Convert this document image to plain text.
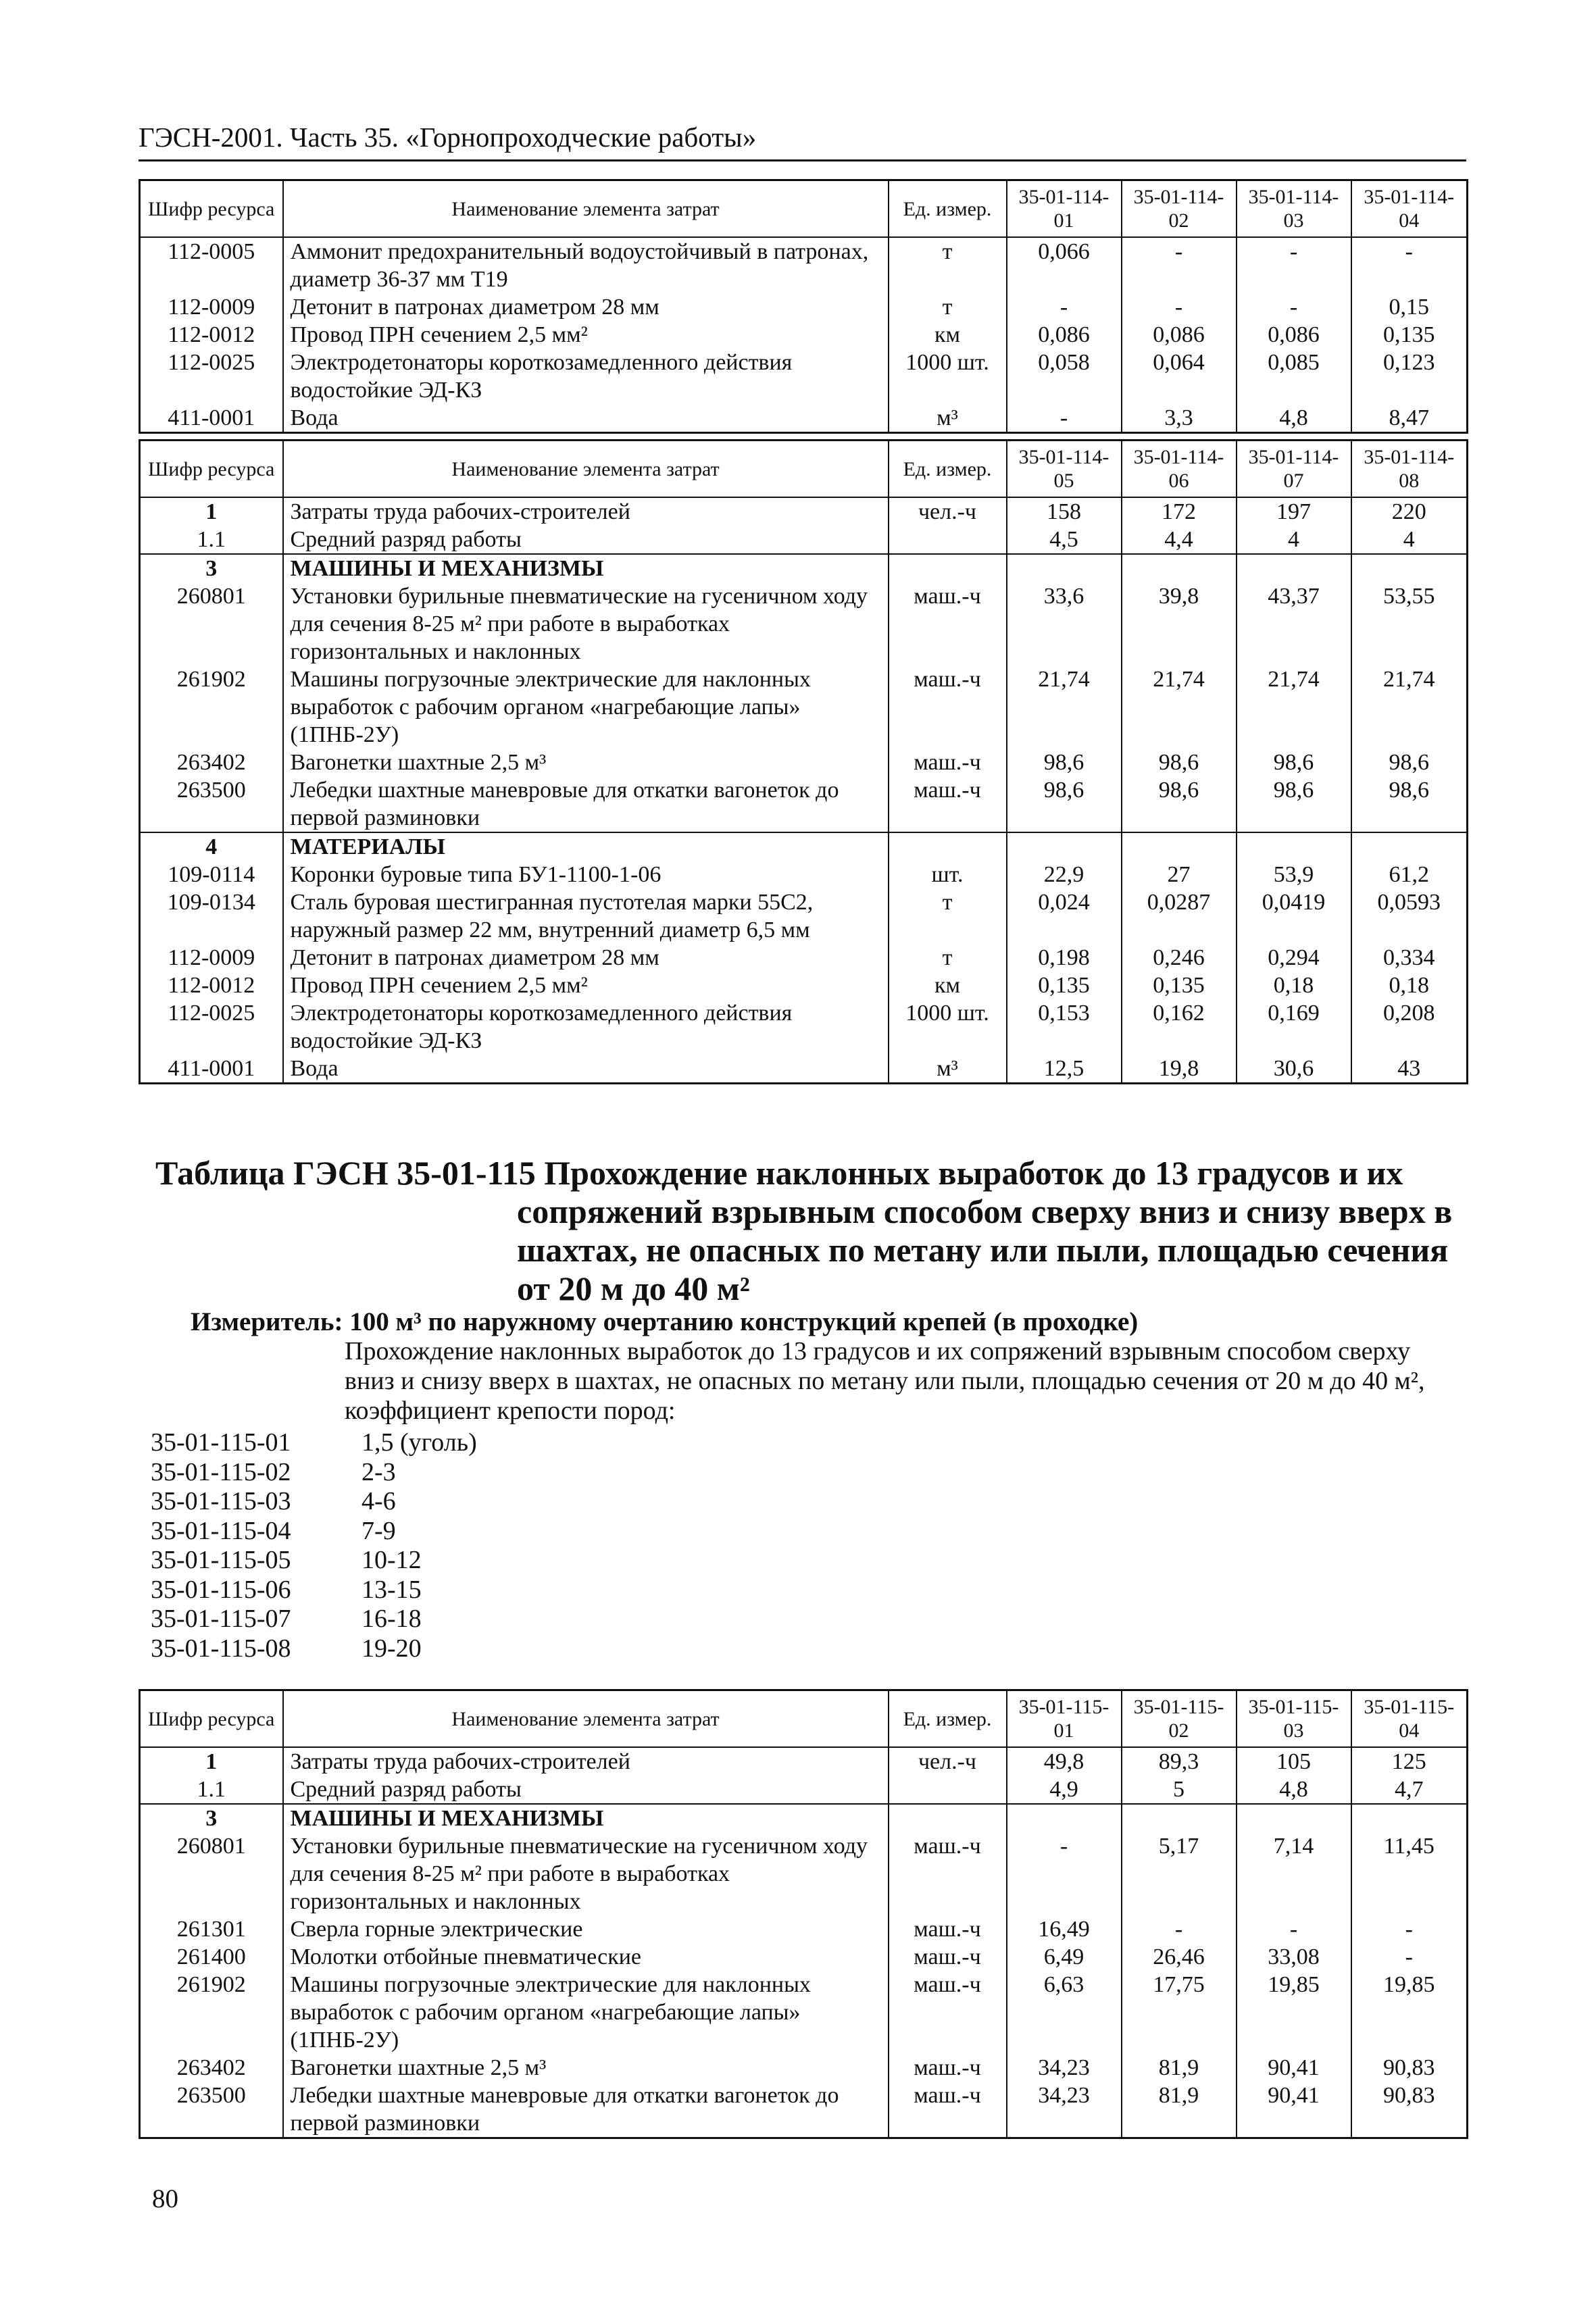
ГЭСН-2001. Часть 35. «Горнопроходческие работы»
Шифр ресурса	Наименование элемента затрат	Ед. измер.	35-01-114-01	35-01-114-02	35-01-114-03	35-01-114-04
112-0005	Аммонит предохранительный водоустойчивый в патронах, диаметр 36-37 мм Т19	т	0,066	-	-	-
112-0009	Детонит в патронах диаметром 28 мм	т	-	-	-	0,15
112-0012	Провод ПРН сечением 2,5 мм²	км	0,086	0,086	0,086	0,135
112-0025	Электродетонаторы короткозамедленного действия водостойкие ЭД-КЗ	1000 шт.	0,058	0,064	0,085	0,123
411-0001	Вода	м³	-	3,3	4,8	8,47
Шифр ресурса	Наименование элемента затрат	Ед. измер.	35-01-114-05	35-01-114-06	35-01-114-07	35-01-114-08
1	Затраты труда рабочих-строителей	чел.-ч	158	172	197	220
1.1	Средний разряд работы		4,5	4,4	4	4
3	МАШИНЫ И МЕХАНИЗМЫ					
260801	Установки бурильные пневматические на гусеничном ходу для сечения 8-25 м² при работе в выработках горизонтальных и наклонных	маш.-ч	33,6	39,8	43,37	53,55
261902	Машины погрузочные электрические для наклонных выработок с рабочим органом «нагребающие лапы» (1ПНБ-2У)	маш.-ч	21,74	21,74	21,74	21,74
263402	Вагонетки шахтные 2,5 м³	маш.-ч	98,6	98,6	98,6	98,6
263500	Лебедки шахтные маневровые для откатки вагонеток до первой разминовки	маш.-ч	98,6	98,6	98,6	98,6
4	МАТЕРИАЛЫ					
109-0114	Коронки буровые типа БУ1-1100-1-06	шт.	22,9	27	53,9	61,2
109-0134	Сталь буровая шестигранная пустотелая марки 55С2, наружный размер 22 мм, внутренний диаметр 6,5 мм	т	0,024	0,0287	0,0419	0,0593
112-0009	Детонит в патронах диаметром 28 мм	т	0,198	0,246	0,294	0,334
112-0012	Провод ПРН сечением 2,5 мм²	км	0,135	0,135	0,18	0,18
112-0025	Электродетонаторы короткозамедленного действия водостойкие ЭД-КЗ	1000 шт.	0,153	0,162	0,169	0,208
411-0001	Вода	м³	12,5	19,8	30,6	43
Таблица ГЭСН 35-01-115 Прохождение наклонных выработок до 13 градусов и их
сопряжений взрывным способом сверху вниз и снизу вверх в
шахтах, не опасных по метану или пыли, площадью сечения
от 20 м до 40 м²
Измеритель: 100 м³ по наружному очертанию конструкций крепей (в проходке)
Прохождение наклонных выработок до 13 градусов и их сопряжений взрывным способом сверху вниз и снизу вверх в шахтах, не опасных по метану или пыли, площадью сечения от 20 м до 40 м², коэффициент крепости пород:
35-01-115-01	1,5 (уголь)
35-01-115-02	2-3
35-01-115-03	4-6
35-01-115-04	7-9
35-01-115-05	10-12
35-01-115-06	13-15
35-01-115-07	16-18
35-01-115-08	19-20
Шифр ресурса	Наименование элемента затрат	Ед. измер.	35-01-115-01	35-01-115-02	35-01-115-03	35-01-115-04
1	Затраты труда рабочих-строителей	чел.-ч	49,8	89,3	105	125
1.1	Средний разряд работы		4,9	5	4,8	4,7
3	МАШИНЫ И МЕХАНИЗМЫ					
260801	Установки бурильные пневматические на гусеничном ходу для сечения 8-25 м² при работе в выработках горизонтальных и наклонных	маш.-ч	-	5,17	7,14	11,45
261301	Сверла горные электрические	маш.-ч	16,49	-	-	-
261400	Молотки отбойные пневматические	маш.-ч	6,49	26,46	33,08	-
261902	Машины погрузочные электрические для наклонных выработок с рабочим органом «нагребающие лапы» (1ПНБ-2У)	маш.-ч	6,63	17,75	19,85	19,85
263402	Вагонетки шахтные 2,5 м³	маш.-ч	34,23	81,9	90,41	90,83
263500	Лебедки шахтные маневровые для откатки вагонеток до первой разминовки	маш.-ч	34,23	81,9	90,41	90,83
80
